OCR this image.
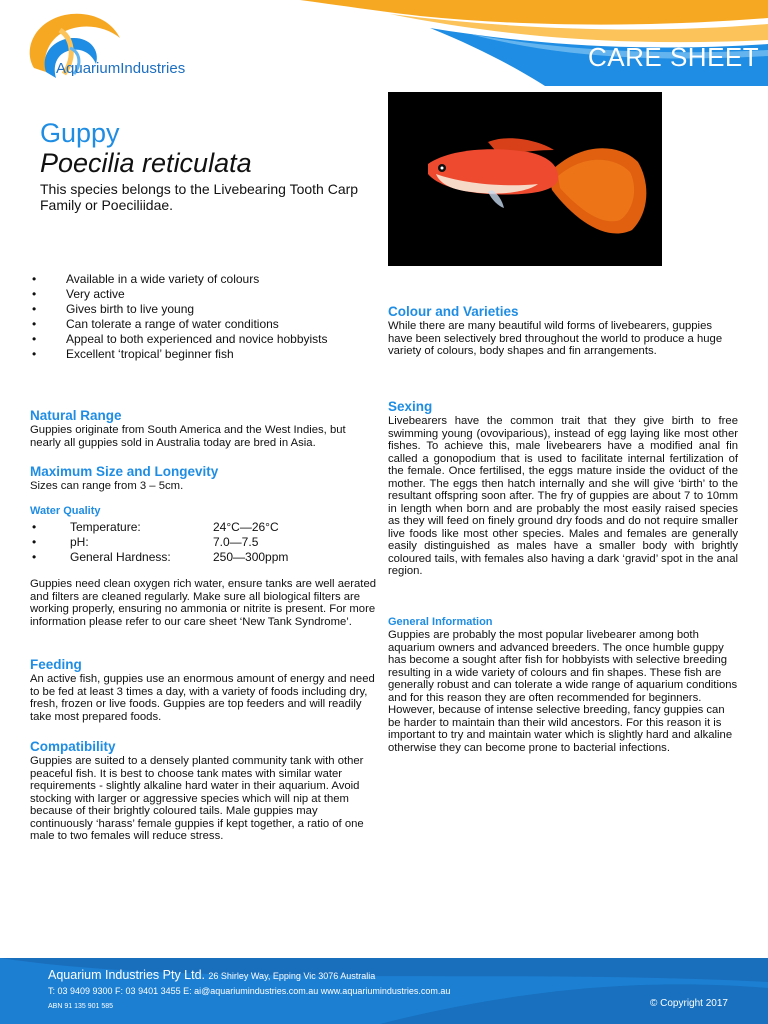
AquariumIndustries	CARE SHEET
Guppy
Poecilia reticulata
This species belongs to the Livebearing Tooth Carp Family or Poeciliidae.
• Available in a wide variety of colours
• Very active
• Gives birth to live young
• Can tolerate a range of water conditions
• Appeal to both experienced and novice hobbyists
• Excellent ‘tropical’ beginner fish
Natural Range

Guppies originate from South America and the West Indies, but nearly all guppies sold in Australia today are bred in Asia.

Maximum Size and Longevity

Sizes can range from 3 – 5cm.

Water Quality
•	Temperature:	24°C—26°C
•	pH:	7.0—7.5
•	General Hardness:	250—300ppm

Guppies need clean oxygen rich water, ensure tanks are well aerated and filters are cleaned regularly. Make sure all biological filters are working properly, ensuring no ammonia or nitrite is present. For more information please refer to our care sheet ‘New Tank Syndrome’.

Feeding

An active fish, guppies use an enormous amount of energy and need to be fed at least 3 times a day, with a variety of foods including dry, fresh, frozen or live foods. Guppies are top feeders and will readily take most prepared foods.

Compatibility

Guppies are suited to a densely planted community tank with other peaceful fish. It is best to choose tank mates with similar water requirements - slightly alkaline hard water in their aquarium. Avoid stocking with larger or aggressive species which will nip at them because of their brightly coloured tails. Male guppies may continuously ‘harass’ female guppies if kept together, a ratio of one male to two females will reduce stress.

Colour and Varieties

While there are many beautiful wild forms of livebearers, guppies have been selectively bred throughout the world to produce a huge variety of colours, body shapes and fin arrangements.

Sexing

Livebearers have the common trait that they give birth to free swimming young (ovoviparious), instead of egg laying like most other fishes. To achieve this, male livebearers have a modified anal fin called a gonopodium that is used to facilitate internal fertilization of the female. Once fertilised, the eggs mature inside the oviduct of the mother. The eggs then hatch internally and she will give ‘birth’ to the resultant offspring soon after. The fry of guppies are about 7 to 10mm in length when born and are probably the most easily raised species as they will feed on finely ground dry foods and do not require smaller live foods like most other species. Males and females are generally easily distinguished as males have a smaller body with brightly coloured tails, with females also having a dark ‘gravid’ spot in the anal region.

General Information

Guppies are probably the most popular livebearer among both aquarium owners and advanced breeders. The once humble guppy has become a sought after fish for hobbyists with selective breeding resulting in a wide variety of colours and fin shapes. These fish are generally robust and can tolerate a wide range of aquarium conditions and for this reason they are often recommended for beginners. However, because of intense selective breeding, fancy guppies can be harder to maintain than their wild ancestors. For this reason it is important to try and maintain water which is slightly hard and alkaline otherwise they can become prone to bacterial infections.

Aquarium Industries Pty Ltd. 26 Shirley Way, Epping Vic 3076 Australia
T: 03 9409 9300 F: 03 9401 3455 E: ai@aquariumindustries.com.au www.aquariumindustries.com.au
ABN 91 135 901 585	© Copyright 2017
